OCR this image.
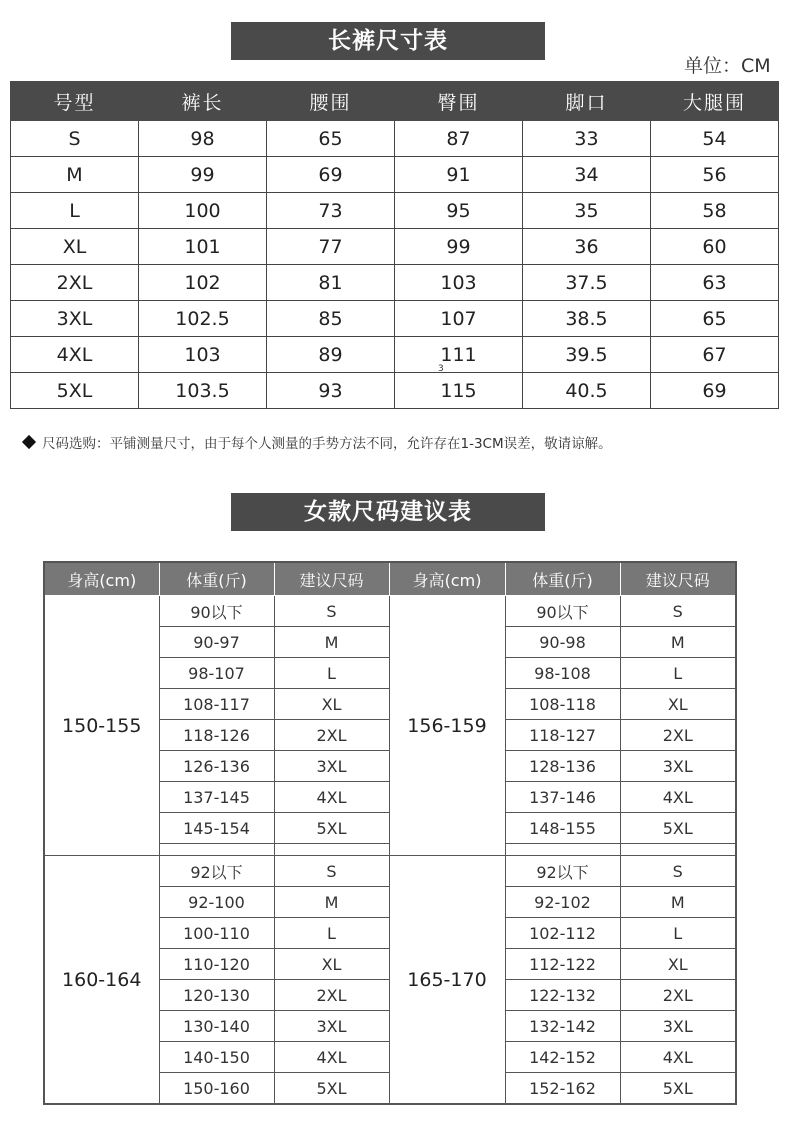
长裤尺寸表
单位：CM
号型	裤长	腰围	臀围	脚口	大腿围
S	98	65	87	33	54
M	99	69	91	34	56
L	100	73	95	35	58
XL	101	77	99	36	60
2XL	102	81	103	37.5	63
3XL	102.5	85	107	38.5	65
4XL	103	89	111	39.5	67
5XL	103.5	93	115	40.5	69
3
尺码选购：平铺测量尺寸，由于每个人测量的手势方法不同，允许存在1-3CM误差，敬请谅解。
女款尺码建议表
身高(cm)	体重(斤)	建议尺码	身高(cm)	体重(斤)	建议尺码
150-155	90以下	S	156-159	90以下	S
	90-97	M		90-98	M
	98-107	L		98-108	L
	108-117	XL		108-118	XL
	118-126	2XL		118-127	2XL
	126-136	3XL		128-136	3XL
	137-145	4XL		137-146	4XL
	145-154	5XL		148-155	5XL

160-164	92以下	S	165-170	92以下	S
	92-100	M		92-102	M
	100-110	L		102-112	L
	110-120	XL		112-122	XL
	120-130	2XL		122-132	2XL
	130-140	3XL		132-142	3XL
	140-150	4XL		142-152	4XL
	150-160	5XL		152-162	5XL
